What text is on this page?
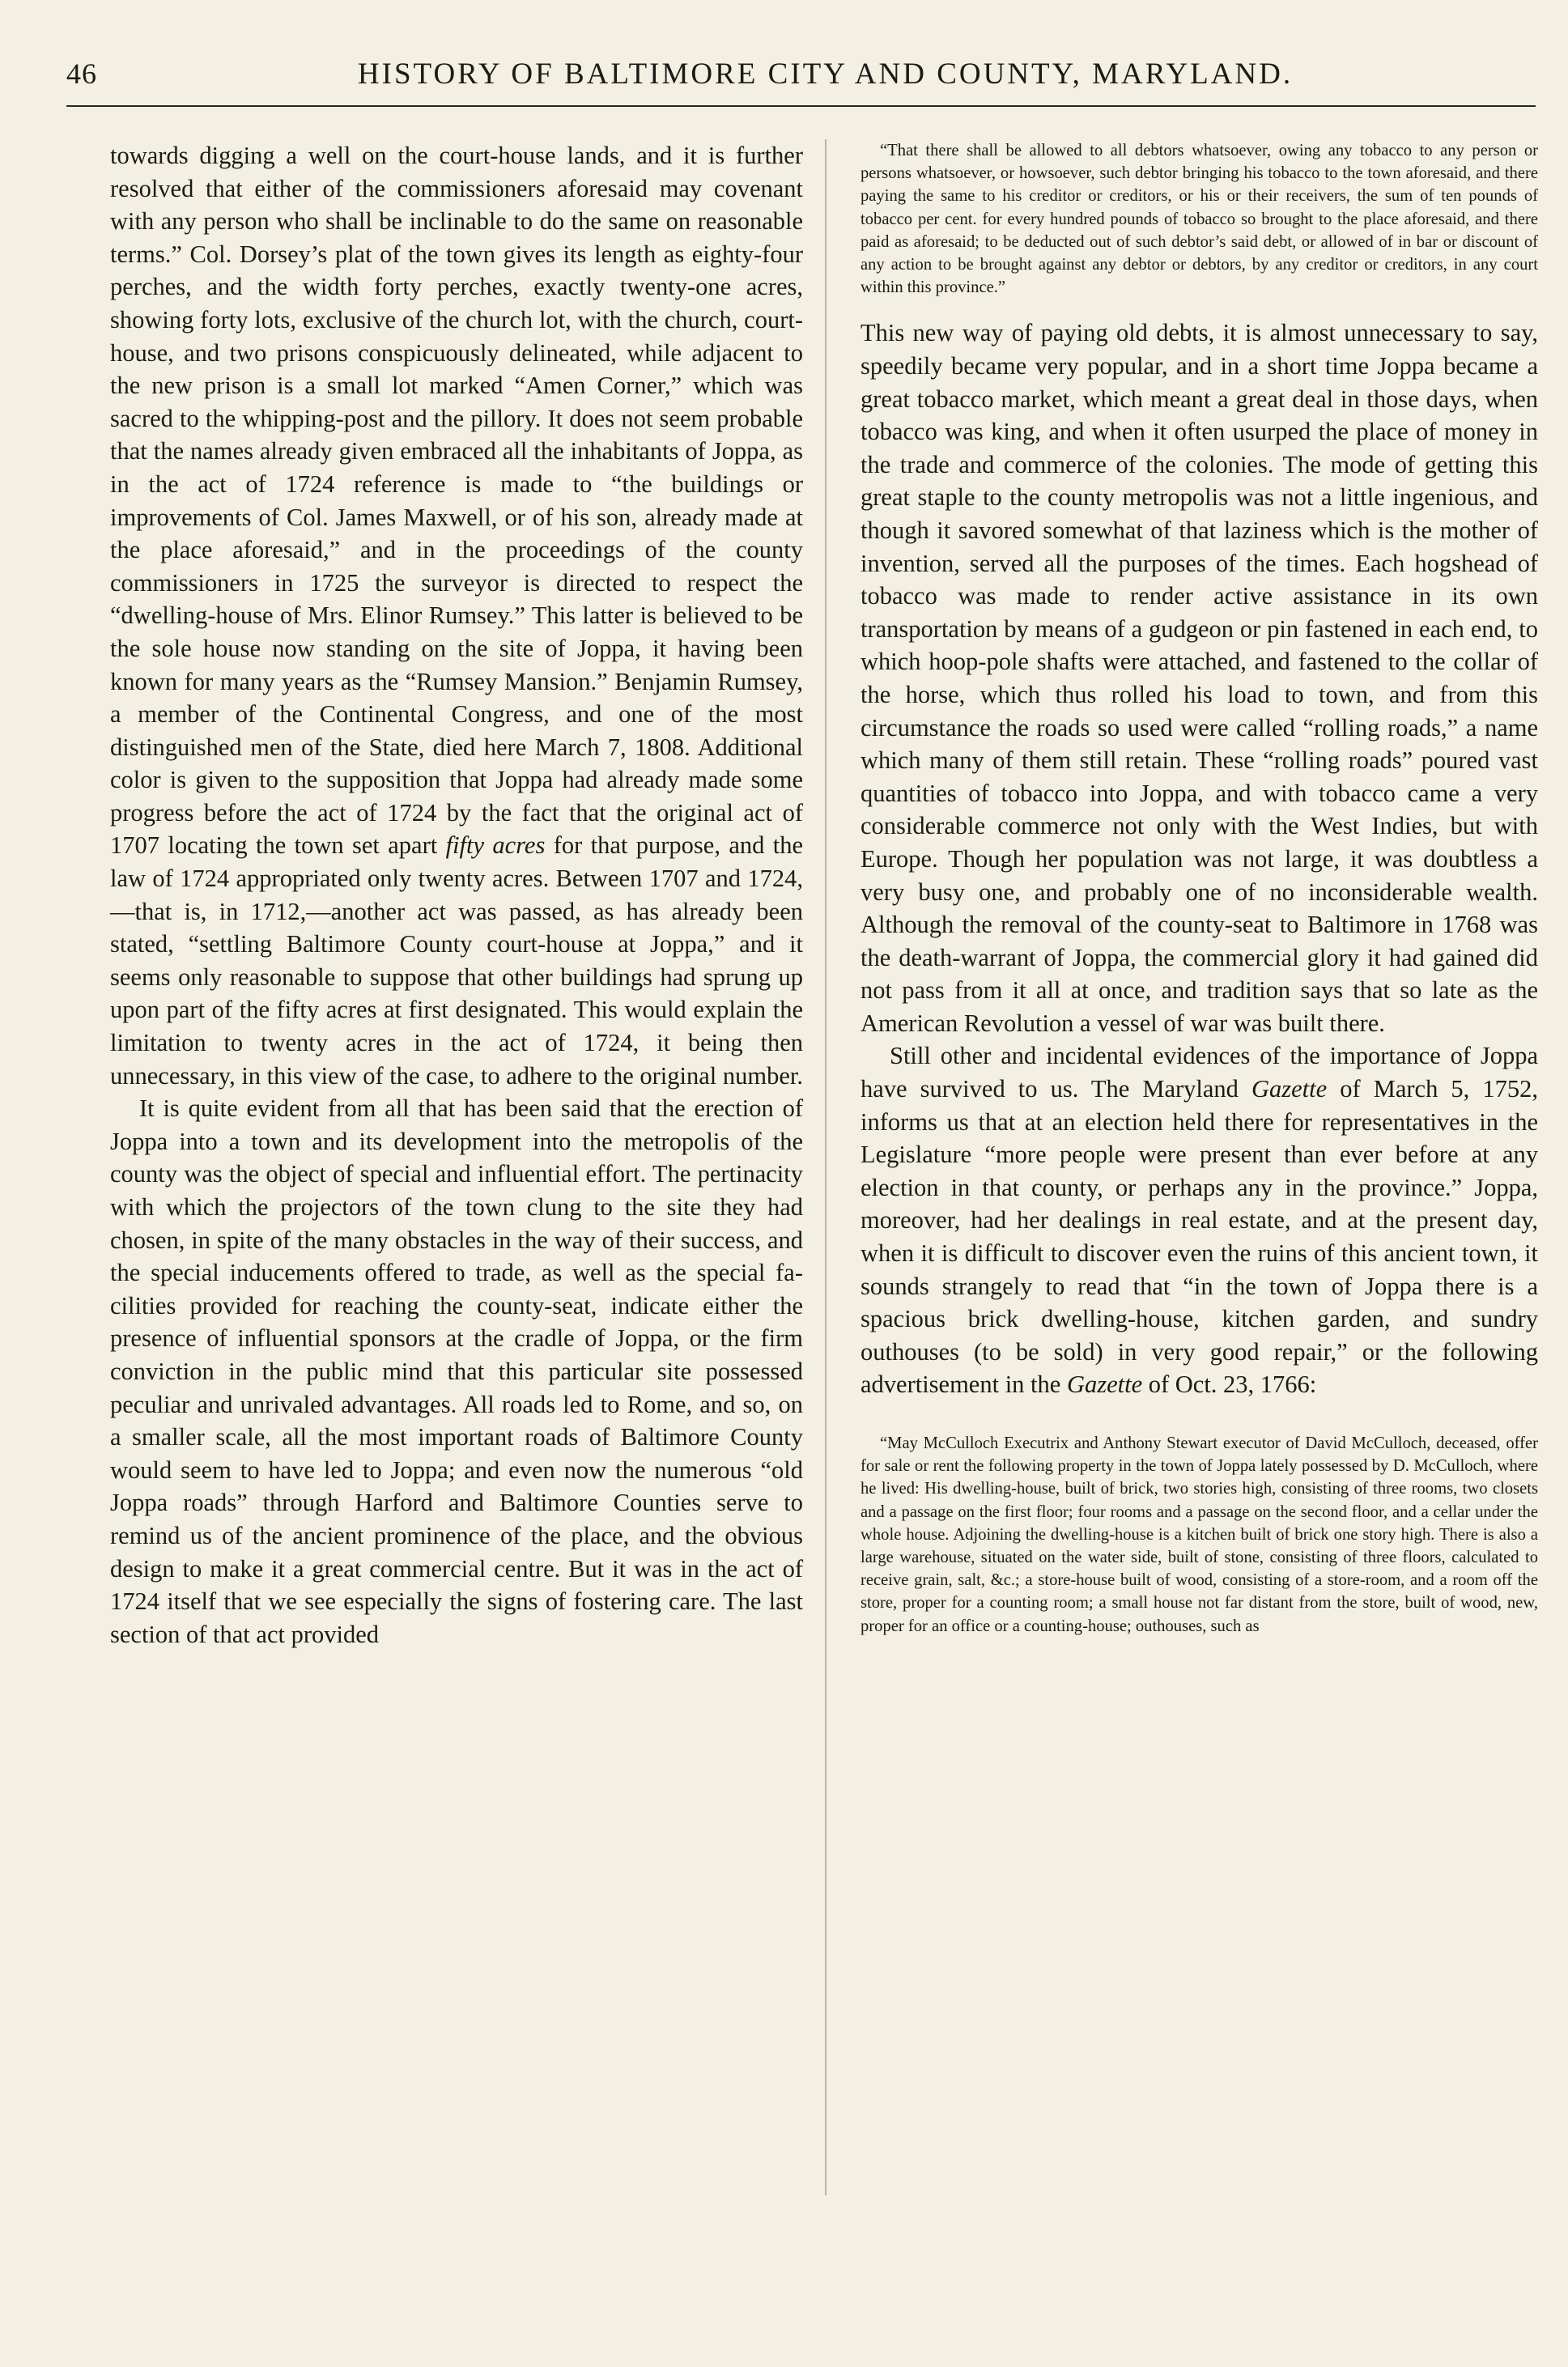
46	HISTORY OF BALTIMORE CITY AND COUNTY, MARYLAND.

towards digging a well on the court-house lands, and it is further resolved that either of the commissioners aforesaid may covenant with any person who shall be inclinable to do the same on reasonable terms.” Col. Dorsey’s plat of the town gives its length as eighty-four perches, and the width forty perches, exactly twenty-one acres, showing forty lots, exclusive of the church lot, with the church, court-house, and two prisons conspicuously delineated, while adjacent to the new prison is a small lot marked “Amen Corner,” which was sacred to the whipping-post and the pillory. It does not seem probable that the names already given embraced all the inhabitants of Joppa, as in the act of 1724 reference is made to “the buildings or improvements of Col. James Maxwell, or of his son, already made at the place aforesaid,” and in the proceedings of the county commissioners in 1725 the surveyor is directed to respect the “dwelling-house of Mrs. Elinor Rumsey.” This latter is believed to be the sole house now standing on the site of Joppa, it having been known for many years as the “Rumsey Mansion.” Benjamin Rumsey, a member of the Continental Congress, and one of the most distinguished men of the State, died here March 7, 1808. Additional color is given to the supposition that Joppa had already made some progress before the act of 1724 by the fact that the original act of 1707 locating the town set apart fifty acres for that purpose, and the law of 1724 appropriated only twenty acres. Between 1707 and 1724,—that is, in 1712,—another act was passed, as has already been stated, “settling Baltimore County court-house at Joppa,” and it seems only reasonable to suppose that other buildings had sprung up upon part of the fifty acres at first designated. This would explain the limitation to twenty acres in the act of 1724, it being then unnecessary, in this view of the case, to adhere to the original number.

It is quite evident from all that has been said that the erection of Joppa into a town and its development into the metropolis of the county was the object of special and influential effort. The pertinacity with which the projectors of the town clung to the site they had chosen, in spite of the many obstacles in the way of their success, and the special inducements offered to trade, as well as the special facilities provided for reaching the county-seat, indicate either the presence of influential sponsors at the cradle of Joppa, or the firm conviction in the public mind that this particular site possessed peculiar and unrivaled advantages. All roads led to Rome, and so, on a smaller scale, all the most important roads of Baltimore County would seem to have led to Joppa; and even now the numerous “old Joppa roads” through Harford and Baltimore Counties serve to remind us of the ancient prominence of the place, and the obvious design to make it a great commercial centre. But it was in the act of 1724 itself that we see especially the signs of fostering care. The last section of that act provided

“That there shall be allowed to all debtors whatsoever, owing any tobacco to any person or persons whatsoever, or howsoever, such debtor bringing his tobacco to the town aforesaid, and there paying the same to his creditor or creditors, or his or their receivers, the sum of ten pounds of tobacco per cent. for every hundred pounds of tobacco so brought to the place aforesaid, and there paid as aforesaid; to be deducted out of such debtor’s said debt, or allowed of in bar or discount of any action to be brought against any debtor or debtors, by any creditor or creditors, in any court within this province.”

This new way of paying old debts, it is almost unnecessary to say, speedily became very popular, and in a short time Joppa became a great tobacco market, which meant a great deal in those days, when tobacco was king, and when it often usurped the place of money in the trade and commerce of the colonies. The mode of getting this great staple to the county metropolis was not a little ingenious, and though it savored somewhat of that laziness which is the mother of invention, served all the purposes of the times. Each hogshead of tobacco was made to render active assistance in its own transportation by means of a gudgeon or pin fastened in each end, to which hoop-pole shafts were attached, and fastened to the collar of the horse, which thus rolled his load to town, and from this circumstance the roads so used were called “rolling roads,” a name which many of them still retain. These “rolling roads” poured vast quantities of tobacco into Joppa, and with tobacco came a very considerable commerce not only with the West Indies, but with Europe. Though her population was not large, it was doubtless a very busy one, and probably one of no inconsiderable wealth. Although the removal of the county-seat to Baltimore in 1768 was the death-warrant of Joppa, the commercial glory it had gained did not pass from it all at once, and tradition says that so late as the American Revolution a vessel of war was built there.

Still other and incidental evidences of the importance of Joppa have survived to us. The Maryland Gazette of March 5, 1752, informs us that at an election held there for representatives in the Legislature “more people were present than ever before at any election in that county, or perhaps any in the province.” Joppa, moreover, had her dealings in real estate, and at the present day, when it is difficult to discover even the ruins of this ancient town, it sounds strangely to read that “in the town of Joppa there is a spacious brick dwelling-house, kitchen garden, and sundry outhouses (to be sold) in very good repair,” or the following advertisement in the Gazette of Oct. 23, 1766:

“May McCulloch Executrix and Anthony Stewart executor of David McCulloch, deceased, offer for sale or rent the following property in the town of Joppa lately possessed by D. McCulloch, where he lived: His dwelling-house, built of brick, two stories high, consisting of three rooms, two closets and a passage on the first floor; four rooms and a passage on the second floor, and a cellar under the whole house. Adjoining the dwelling-house is a kitchen built of brick one story high. There is also a large warehouse, situated on the water side, built of stone, consisting of three floors, calculated to receive grain, salt, &c.; a store-house built of wood, consisting of a store-room, and a room off the store, proper for a counting room; a small house not far distant from the store, built of wood, new, proper for an office or a counting-house; outhouses, such as
